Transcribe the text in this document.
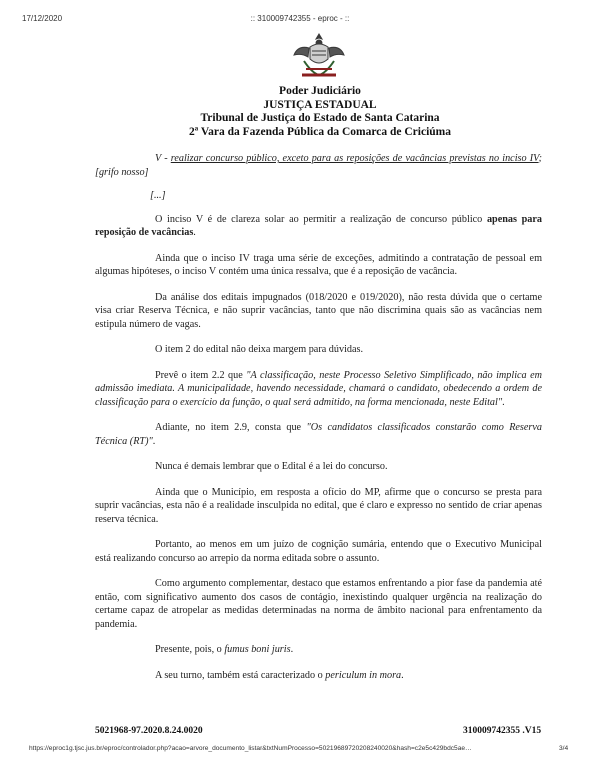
17/12/2020	:: 310009742355 - eproc - ::
Poder Judiciário
JUSTIÇA ESTADUAL
Tribunal de Justiça do Estado de Santa Catarina
2ª Vara da Fazenda Pública da Comarca de Criciúma

V - realizar concurso público, exceto para as reposições de vacâncias previstas no inciso IV; [grifo nosso]

[...]

O inciso V é de clareza solar ao permitir a realização de concurso público apenas para reposição de vacâncias.

Ainda que o inciso IV traga uma série de exceções, admitindo a contratação de pessoal em algumas hipóteses, o inciso V contém uma única ressalva, que é a reposição de vacância.

Da análise dos editais impugnados (018/2020 e 019/2020), não resta dúvida que o certame visa criar Reserva Técnica, e não suprir vacâncias, tanto que não discrimina quais são as vacâncias nem estipula número de vagas.

O item 2 do edital não deixa margem para dúvidas.

Prevê o item 2.2 que "A classificação, neste Processo Seletivo Simplificado, não implica em admissão imediata. A municipalidade, havendo necessidade, chamará o candidato, obedecendo a ordem de classificação para o exercício da função, o qual será admitido, na forma mencionada, neste Edital".

Adiante, no item 2.9, consta que "Os candidatos classificados constarão como Reserva Técnica (RT)".

Nunca é demais lembrar que o Edital é a lei do concurso.

Ainda que o Município, em resposta a ofício do MP, afirme que o concurso se presta para suprir vacâncias, esta não é a realidade insculpida no edital, que é claro e expresso no sentido de criar apenas reserva técnica.

Portanto, ao menos em um juízo de cognição sumária, entendo que o Executivo Municipal está realizando concurso ao arrepio da norma editada sobre o assunto.

Como argumento complementar, destaco que estamos enfrentando a pior fase da pandemia até então, com significativo aumento dos casos de contágio, inexistindo qualquer urgência na realização do certame capaz de atropelar as medidas determinadas na norma de âmbito nacional para enfrentamento da pandemia.

Presente, pois, o fumus boni juris.

A seu turno, também está caracterizado o periculum in mora.

5021968-97.2020.8.24.0020	310009742355 .V15
https://eproc1g.tjsc.jus.br/eproc/controlador.php?acao=arvore_documento_listar&txtNumProcesso=50219689720208240020&hash=c2e5c429bdc5ae…	3/4
